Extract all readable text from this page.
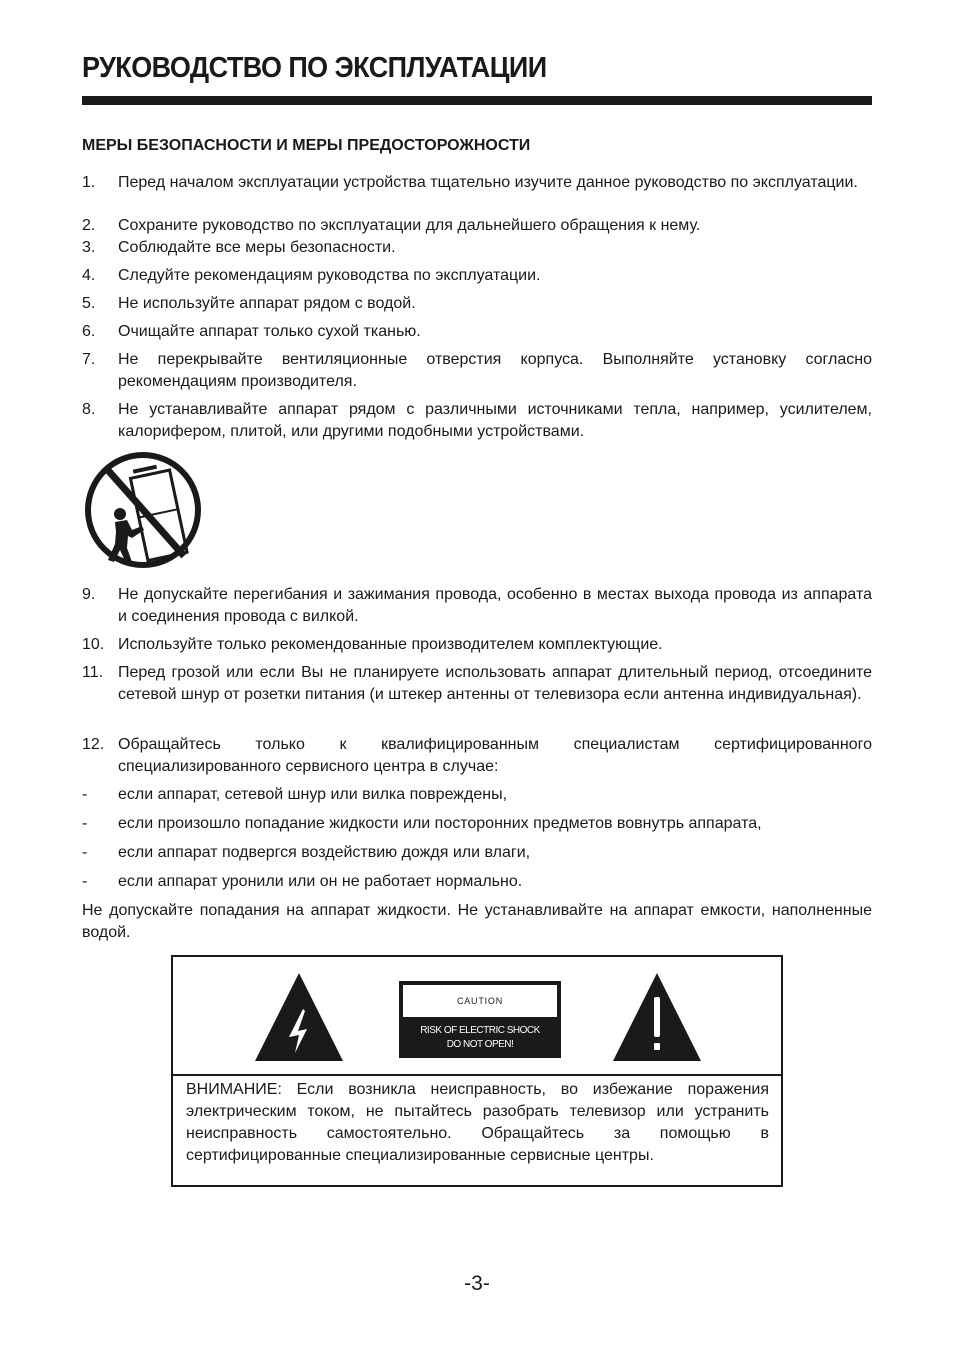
РУКОВОДСТВО ПО ЭКСПЛУАТАЦИИ
МЕРЫ БЕЗОПАСНОСТИ И МЕРЫ ПРЕДОСТОРОЖНОСТИ
1. Перед началом эксплуатации устройства тщательно изучите данное руководство по эксплуатации.
2. Сохраните руководство по эксплуатации для дальнейшего обращения к нему.
3. Соблюдайте все меры безопасности.
4. Следуйте рекомендациям руководства по эксплуатации.
5. Не используйте аппарат рядом с водой.
6. Очищайте аппарат только сухой тканью.
7. Не перекрывайте вентиляционные отверстия корпуса. Выполняйте установку согласно рекомендациям производителя.
8. Не устанавливайте аппарат рядом с различными источниками тепла, например, усилителем, калорифером, плитой, или другими подобными устройствами.
9. Не допускайте перегибания и зажимания провода, особенно в местах выхода провода из аппарата и соединения провода с вилкой.
10. Используйте только рекомендованные производителем комплектующие.
11. Перед грозой или если Вы не планируете использовать аппарат длительный период, отсоедините сетевой шнур от розетки питания (и штекер антенны от телевизора если антенна индивидуальная).
12. Обращайтесь только к квалифицированным специалистам сертифицированного специализированного сервисного центра в случае:
- если аппарат, сетевой шнур или вилка повреждены,
- если произошло попадание жидкости или посторонних предметов вовнутрь аппарата,
- если аппарат подвергся воздействию дождя или влаги,
- если аппарат уронили или он не работает нормально.

Не допускайте попадания на аппарат жидкости. Не устанавливайте на аппарат емкости, наполненные водой.

CAUTION
RISK OF ELECTRIC SHOCK
DO NOT OPEN!

ВНИМАНИЕ: Если возникла неисправность, во избежание поражения электрическим током, не пытайтесь разобрать телевизор или устранить неисправность самостоятельно. Обращайтесь за помощью в сертифицированные специализированные сервисные центры.

-3-
